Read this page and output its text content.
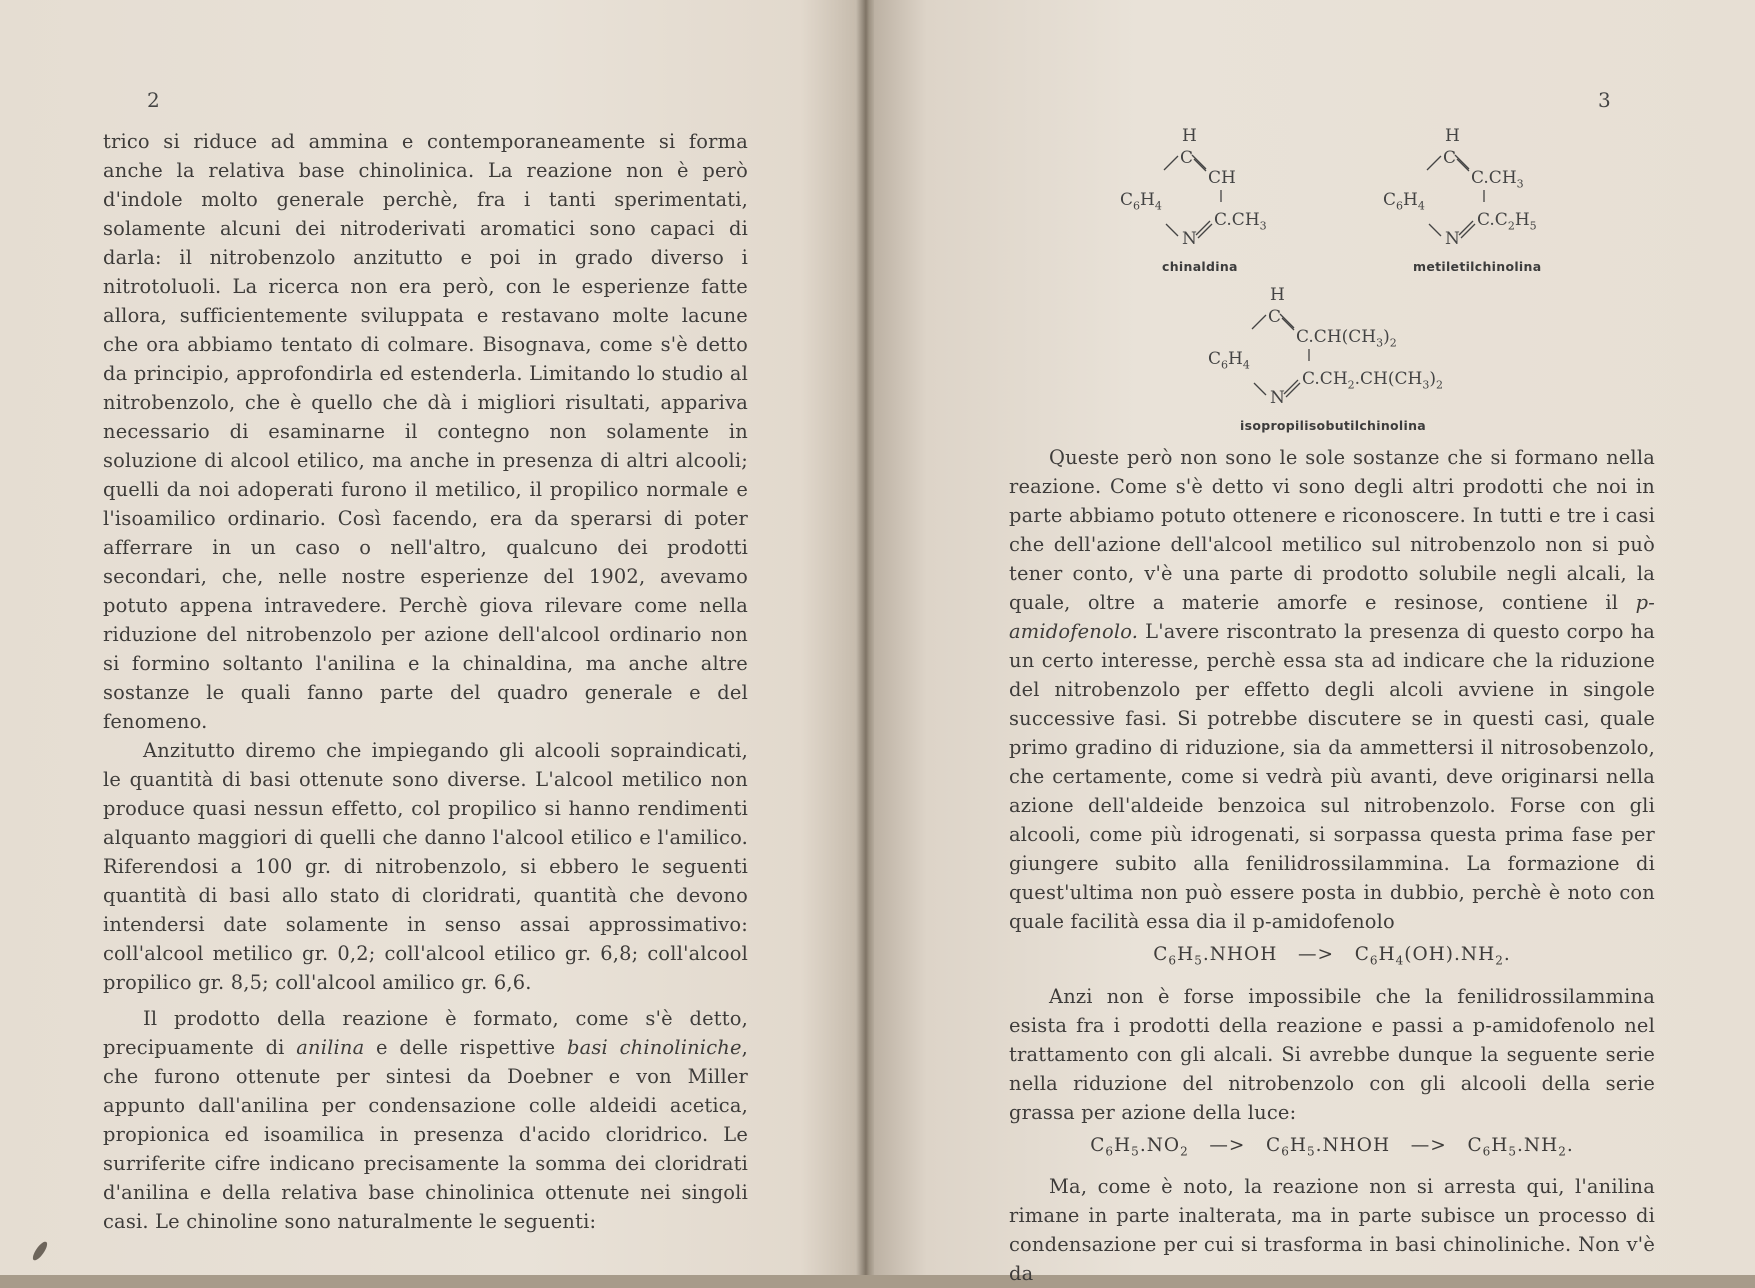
2

trico si riduce ad ammina e contemporaneamente si forma anche la relativa base chinolinica. La reazione non è però d'indole molto generale perchè, fra i tanti sperimentati, solamente alcuni dei nitroderivati aromatici sono capaci di darla: il nitrobenzolo anzitutto e poi in grado diverso i nitrotoluoli. La ricerca non era però, con le esperienze fatte allora, sufficientemente sviluppata e restavano molte lacune che ora abbiamo tentato di colmare. Bisognava, come s'è detto da principio, approfondirla ed estenderla. Limitando lo studio al nitrobenzolo, che è quello che dà i migliori risultati, appariva necessario di esaminarne il contegno non solamente in soluzione di alcool etilico, ma anche in presenza di altri alcooli; quelli da noi adoperati furono il metilico, il propilico normale e l'isoamilico ordinario. Così facendo, era da sperarsi di poter afferrare in un caso o nell'altro, qualcuno dei prodotti secondari, che, nelle nostre esperienze del 1902, avevamo potuto appena intravedere. Perchè giova rilevare come nella riduzione del nitrobenzolo per azione dell'alcool ordinario non si formino soltanto l'anilina e la chinaldina, ma anche altre sostanze le quali fanno parte del quadro generale e del fenomeno.

Anzitutto diremo che impiegando gli alcooli sopraindicati, le quantità di basi ottenute sono diverse. L'alcool metilico non produce quasi nessun effetto, col propilico si hanno rendimenti alquanto maggiori di quelli che danno l'alcool etilico e l'amilico. Riferendosi a 100 gr. di nitrobenzolo, si ebbero le seguenti quantità di basi allo stato di cloridrati, quantità che devono intendersi date solamente in senso assai approssimativo: coll'alcool metilico gr. 0,2; coll'alcool etilico gr. 6,8; coll'alcool propilico gr. 8,5; coll'alcool amilico gr. 6,6.

Il prodotto della reazione è formato, come s'è detto, precipuamente di anilina e delle rispettive basi chinoliniche, che furono ottenute per sintesi da Doebner e von Miller appunto dall'anilina per condensazione colle aldeidi acetica, propionica ed isoamilica in presenza d'acido cloridrico. Le surriferite cifre indicano precisamente la somma dei cloridrati d'anilina e della relativa base chinolinica ottenute nei singoli casi. Le chinoline sono naturalmente le seguenti:

3
H
C
CH
$C_6H_4$
$C.CH_3$
N
chinaldina
H
C
$C.CH_3$
$C_6H_4$
$C.C_2H_5$
N
metiletilchinolina
H
C
$C.CH(CH_3)_2$
$C_6H_4$
$C.CH_2.CH(CH_3)_2$
N
isopropilisobutilchinolina

Queste però non sono le sole sostanze che si formano nella reazione. Come s'è detto vi sono degli altri prodotti che noi in parte abbiamo potuto ottenere e riconoscere. In tutti e tre i casi che dell'azione dell'alcool metilico sul nitrobenzolo non si può tener conto, v'è una parte di prodotto solubile negli alcali, la quale, oltre a materie amorfe e resinose, contiene il p-amidofenolo. L'avere riscontrato la presenza di questo corpo ha un certo interesse, perchè essa sta ad indicare che la riduzione del nitrobenzolo per effetto degli alcoli avviene in singole successive fasi. Si potrebbe discutere se in questi casi, quale primo gradino di riduzione, sia da ammettersi il nitrosobenzolo, che certamente, come si vedrà più avanti, deve originarsi nella azione dell'aldeide benzoica sul nitrobenzolo. Forse con gli alcooli, come più idrogenati, si sorpassa questa prima fase per giungere subito alla fenilidrossilammina. La formazione di quest'ultima non può essere posta in dubbio, perchè è noto con quale facilità essa dia il p-amidofenolo

$C_6H_5.NHOH$ —> $C_6H_4(OH).NH_2$.

Anzi non è forse impossibile che la fenilidrossilammina esista fra i prodotti della reazione e passi a p-amidofenolo nel trattamento con gli alcali. Si avrebbe dunque la seguente serie nella riduzione del nitrobenzolo con gli alcooli della serie grassa per azione della luce:

$C_6H_5.NO_2$ —> $C_6H_5.NHOH$ —> $C_6H_5.NH_2$.

Ma, come è noto, la reazione non si arresta qui, l'anilina rimane in parte inalterata, ma in parte subisce un processo di condensazione per cui si trasforma in basi chinoliniche. Non v'è da
